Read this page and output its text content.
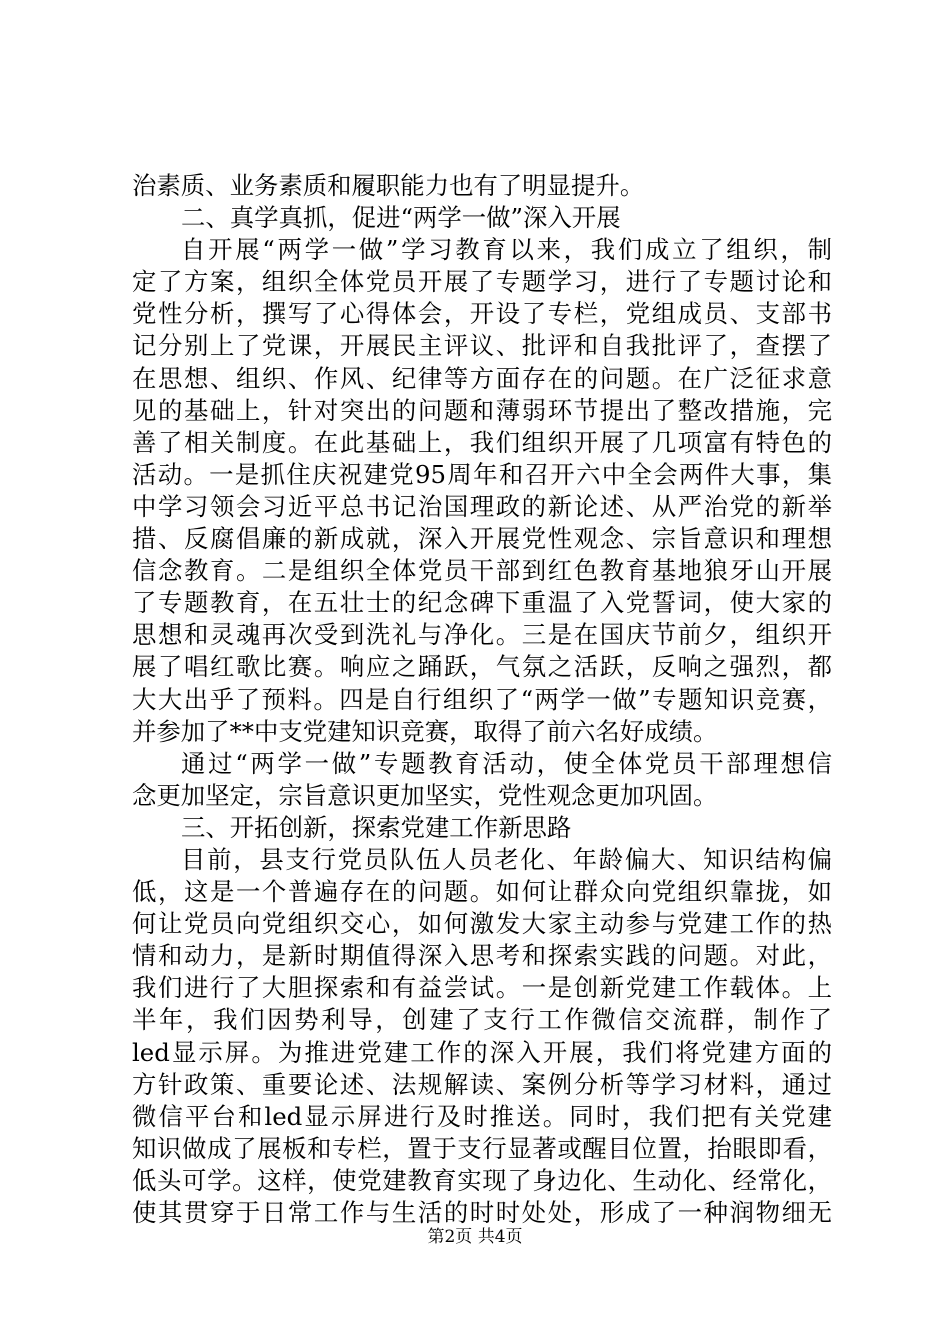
治素质、业务素质和履职能力也有了明显提升。
二、真学真抓，促进“两学一做”深入开展
自开展“两学一做”学习教育以来，我们成立了组织，制
定了方案，组织全体党员开展了专题学习，进行了专题讨论和
党性分析，撰写了心得体会，开设了专栏，党组成员、支部书
记分别上了党课，开展民主评议、批评和自我批评了，查摆了
在思想、组织、作风、纪律等方面存在的问题。在广泛征求意
见的基础上，针对突出的问题和薄弱环节提出了整改措施，完
善了相关制度。在此基础上，我们组织开展了几项富有特色的
活动。一是抓住庆祝建党95周年和召开六中全会两件大事，集
中学习领会习近平总书记治国理政的新论述、从严治党的新举
措、反腐倡廉的新成就，深入开展党性观念、宗旨意识和理想
信念教育。二是组织全体党员干部到红色教育基地狼牙山开展
了专题教育，在五壮士的纪念碑下重温了入党誓词，使大家的
思想和灵魂再次受到洗礼与净化。三是在国庆节前夕，组织开
展了唱红歌比赛。响应之踊跃，气氛之活跃，反响之强烈，都
大大出乎了预料。四是自行组织了“两学一做”专题知识竞赛，
并参加了**中支党建知识竞赛，取得了前六名好成绩。
通过“两学一做”专题教育活动，使全体党员干部理想信
念更加坚定，宗旨意识更加坚实，党性观念更加巩固。
三、开拓创新，探索党建工作新思路
目前，县支行党员队伍人员老化、年龄偏大、知识结构偏
低，这是一个普遍存在的问题。如何让群众向党组织靠拢，如
何让党员向党组织交心，如何激发大家主动参与党建工作的热
情和动力，是新时期值得深入思考和探索实践的问题。对此，
我们进行了大胆探索和有益尝试。一是创新党建工作载体。上
半年，我们因势利导，创建了支行工作微信交流群，制作了
led显示屏。为推进党建工作的深入开展，我们将党建方面的
方针政策、重要论述、法规解读、案例分析等学习材料，通过
微信平台和led显示屏进行及时推送。同时，我们把有关党建
知识做成了展板和专栏，置于支行显著或醒目位置，抬眼即看，
低头可学。这样，使党建教育实现了身边化、生动化、经常化，
使其贯穿于日常工作与生活的时时处处，形成了一种润物细无
第2页 共4页
